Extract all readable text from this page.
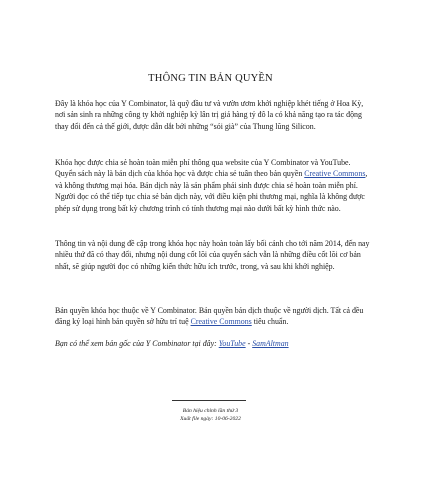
THÔNG TIN BẢN QUYỀN

Đây là khóa học của Y Combinator, là quỹ đầu tư và vườn ươm khởi nghiệp khét tiếng ở Hoa Kỳ, nơi sản sinh ra những công ty khởi nghiệp kỳ lân trị giá hàng tỷ đô la có khả năng tạo ra tác động thay đổi đến cả thế giới, được dẫn dắt bởi những “sói già” của Thung lũng Silicon.

Khóa học được chia sẻ hoàn toàn miễn phí thông qua website của Y Combinator và YouTube. Quyển sách này là bản dịch của khóa học và được chia sẻ tuân theo bản quyền Creative Commons, và không thương mại hóa. Bản dịch này là sản phẩm phái sinh được chia sẻ hoàn toàn miễn phí. Người đọc có thể tiếp tục chia sẻ bản dịch này, với điều kiện phi thương mại, nghĩa là không được phép sử dụng trong bất kỳ chương trình có tính thương mại nào dưới bất kỳ hình thức nào.

Thông tin và nội dung đề cập trong khóa học này hoàn toàn lấy bối cảnh cho tới năm 2014, đến nay nhiều thứ đã có thay đổi, nhưng nội dung cốt lõi của quyển sách vẫn là những điều cốt lõi cơ bản nhất, sẽ giúp người đọc có những kiến thức hữu ích trước, trong, và sau khi khởi nghiệp.

Bản quyền khóa học thuộc về Y Combinator. Bản quyền bản dịch thuộc về người dịch. Tất cả đều đăng ký loại hình bản quyền sở hữu trí tuệ Creative Commons tiêu chuẩn.

Bạn có thể xem bản gốc của Y Combinator tại đây: YouTube - SamAltman

Bản hiệu chỉnh lần thứ 3
Xuất file ngày: 10-06-2022
